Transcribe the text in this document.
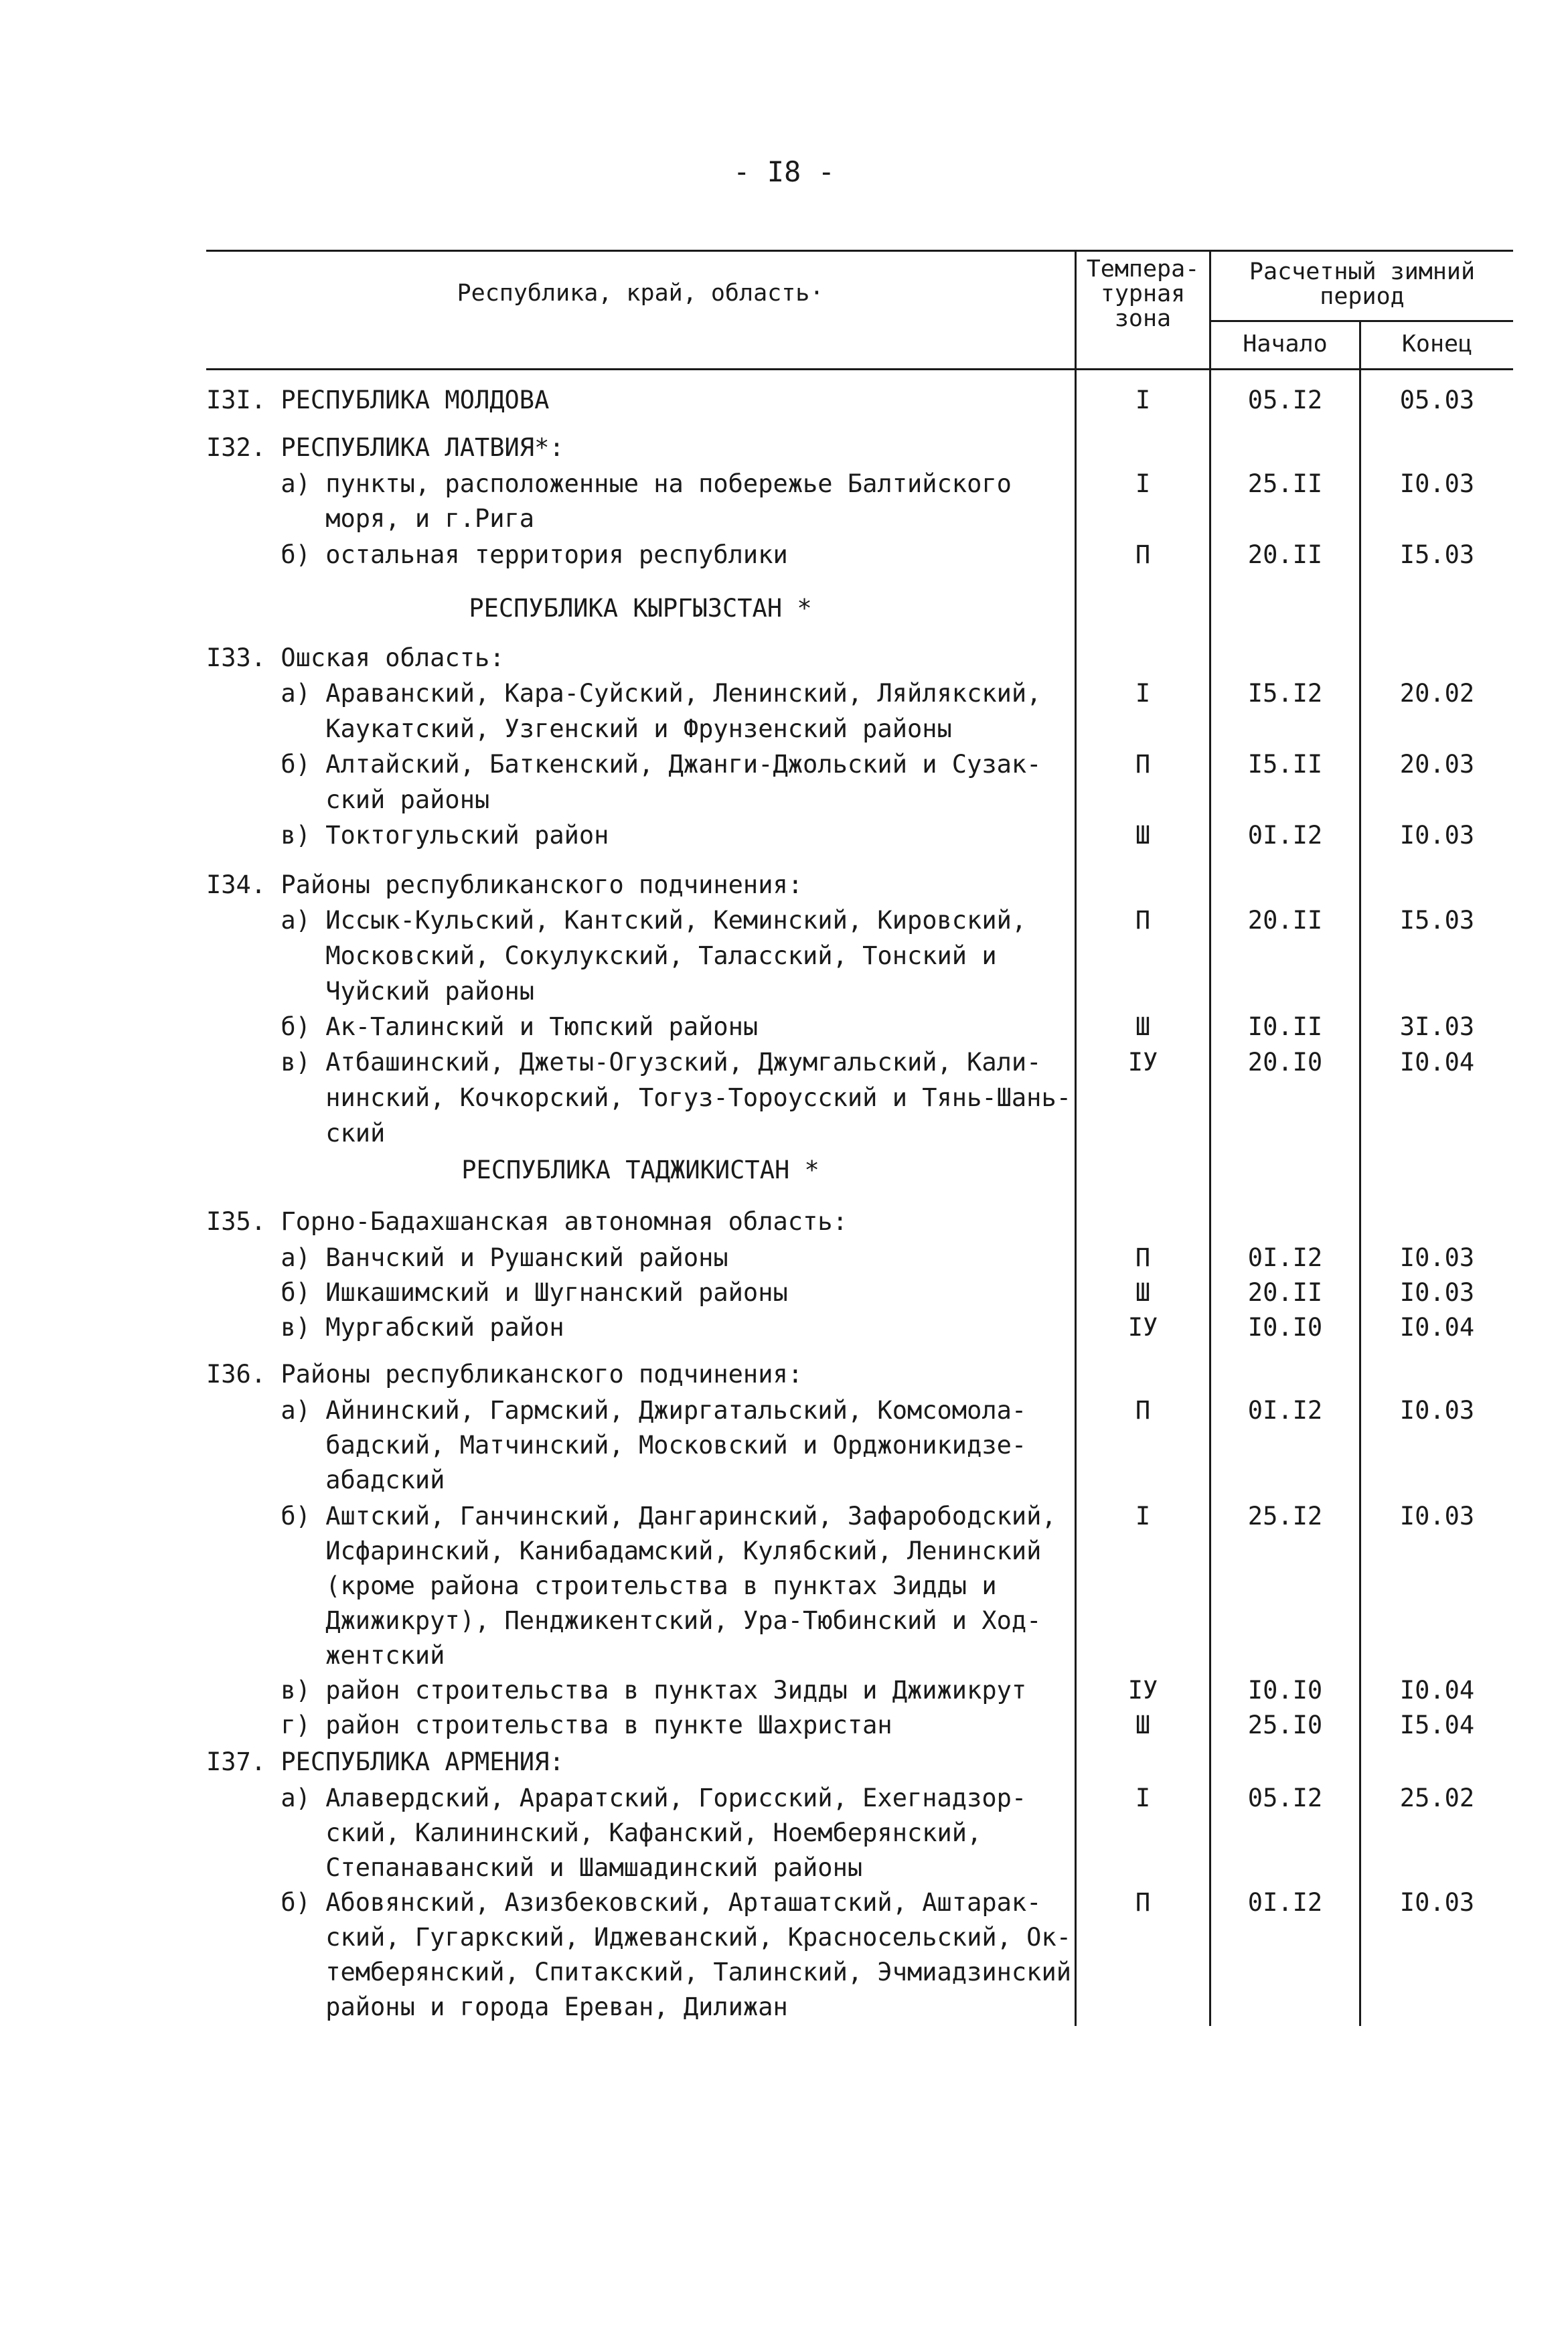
- I8 -
Республика, край, область·
Темпера-
турная
зона
Расчетный зимний
период
Начало	Конец
I3I. РЕСПУБЛИКА МОЛДОВА	I	05.I2	05.03
I32. РЕСПУБЛИКА ЛАТВИЯ*:
а) пункты, расположенные на побережье Балтийского	I	25.II	I0.03
моря, и г.Рига
б) остальная территория республики	П	20.II	I5.03
РЕСПУБЛИКА КЫРГЫЗСТАН *
I33. Ошская область:
а) Араванский, Кара-Суйский, Ленинский, Ляйлякский,	I	I5.I2	20.02
Каукатский, Узгенский и Фрунзенский районы
б) Алтайский, Баткенский, Джанги-Джольский и Сузак-	П	I5.II	20.03
ский районы
в) Токтогульский район	Ш	0I.I2	I0.03
I34. Районы республиканского подчинения:
а) Иссык-Кульский, Кантский, Кеминский, Кировский,	П	20.II	I5.03
Московский, Сокулукский, Таласский, Тонский и
Чуйский районы
б) Ак-Талинский и Тюпский районы	Ш	I0.II	3I.03
в) Атбашинский, Джеты-Огузский, Джумгальский, Кали-	IУ	20.I0	I0.04
нинский, Кочкорский, Тогуз-Тороусский и Тянь-Шань-
ский
РЕСПУБЛИКА ТАДЖИКИСТАН *
I35. Горно-Бадахшанская автономная область:
а) Ванчский и Рушанский районы	П	0I.I2	I0.03
б) Ишкашимский и Шугнанский районы	Ш	20.II	I0.03
в) Мургабский район	IУ	I0.I0	I0.04
I36. Районы республиканского подчинения:
а) Айнинский, Гармский, Джиргатальский, Комсомола-	П	0I.I2	I0.03
бадский, Матчинский, Московский и Орджоникидзе-
абадский
б) Аштский, Ганчинский, Дангаринский, Зафарободский,	I	25.I2	I0.03
Исфаринский, Канибадамский, Кулябский, Ленинский
(кроме района строительства в пунктах Зидды и
Джижикрут), Пенджикентский, Ура-Тюбинский и Ход-
жентский
в) район строительства в пунктах Зидды и Джижикрут	IУ	I0.I0	I0.04
г) район строительства в пункте Шахристан	Ш	25.I0	I5.04
I37. РЕСПУБЛИКА АРМЕНИЯ:
а) Алавердский, Араратский, Горисский, Ехегнадзор-	I	05.I2	25.02
ский, Калининский, Кафанский, Ноемберянский,
Степанаванский и Шамшадинский районы
б) Абовянский, Азизбековский, Арташатский, Аштарак-	П	0I.I2	I0.03
ский, Гугаркский, Иджеванский, Красносельский, Ок-
темберянский, Спитакский, Талинский, Эчмиадзинский
районы и города Ереван, Дилижан
